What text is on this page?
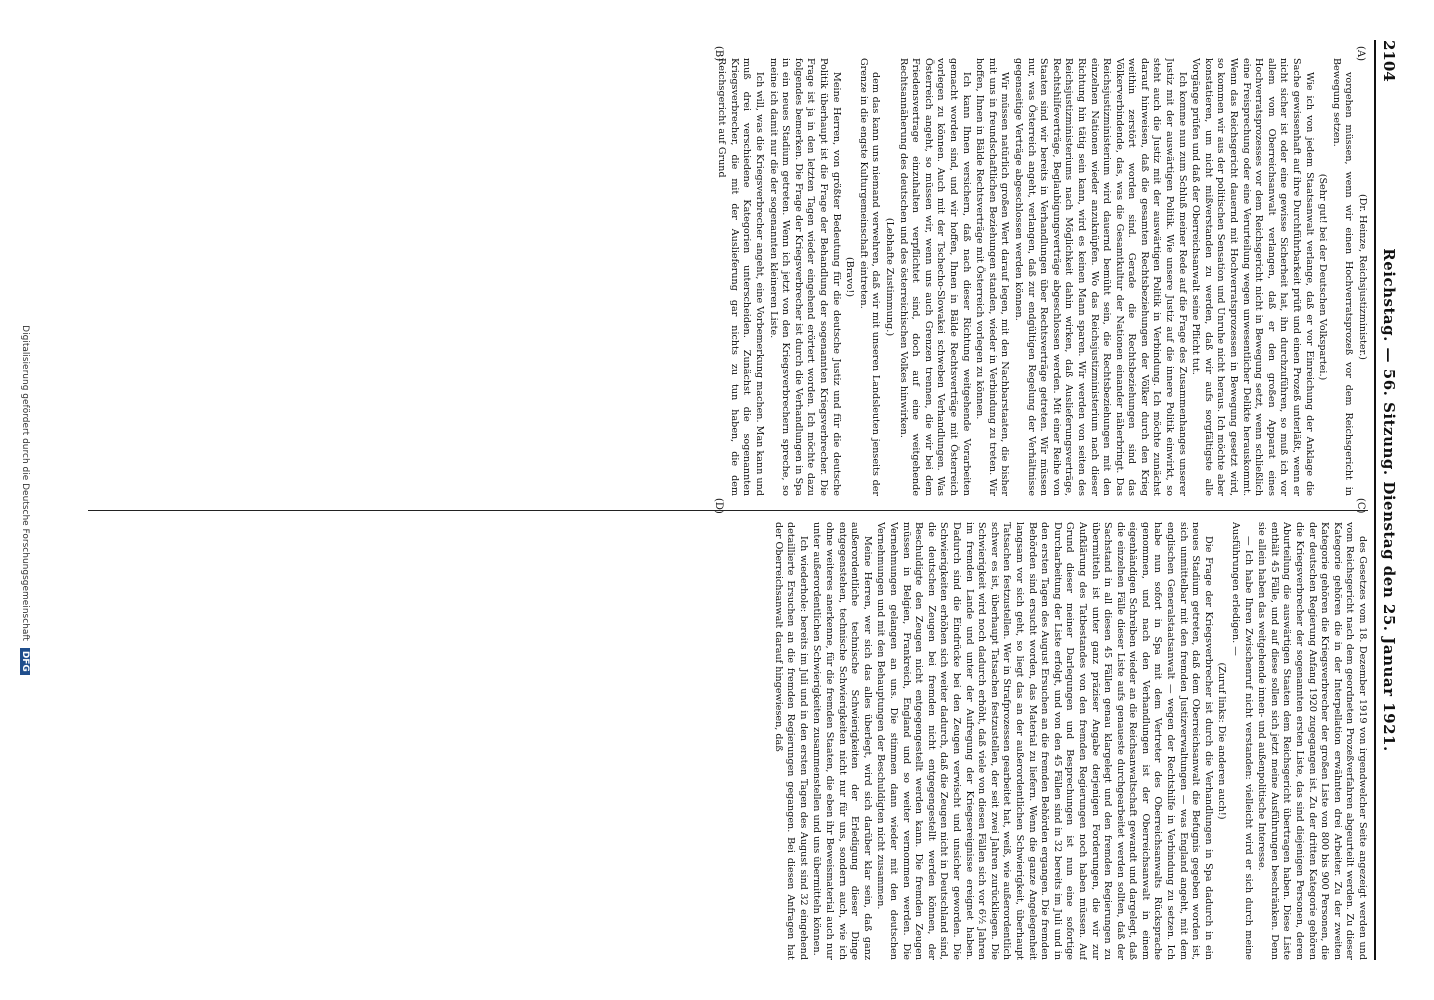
2104
Reichstag. — 56. Sitzung. Dienstag den 25. Januar 1921.
(A)
(B)
(C)
(D)

(Dr. Heinze, Reichsjustizminister.)

vorgehen müssen, wenn wir einen Hochverratsprozeß vor dem Reichsgericht in Bewegung setzen.

(Sehr gut! bei der Deutschen Volkspartei.)

Wie ich von jedem Staatsanwalt verlange, daß er vor Einreichung der Anklage die Sache gewissenhaft auf ihre Durchführbarkeit prüft und einen Prozeß unterläßt, wenn er nicht sicher ist oder eine gewisse Sicherheit hat, ihn durchzuführen, so muß ich vor allem vom Oberreichsanwalt verlangen, daß er den großen Apparat eines Hochverratsprozesses vor dem Reichsgericht nicht in Bewegung setzt, wenn schließlich eine Freisprechung oder eine Verurteilung wegen unwesentlicher Delikte herauskommt. Wenn das Reichsgericht dauernd mit Hochverratsprozessen in Bewegung gesetzt wird, so kommen wir aus der politischen Sensation und Unruhe nicht heraus. Ich möchte aber konstatieren, um nicht mißverstanden zu werden, daß wir aufs sorgfältigste alle Vorgänge prüfen und daß der Oberreichsanwalt seine Pflicht tut.

Ich komme nun zum Schluß meiner Rede auf die Frage des Zusammenhanges unserer Justiz mit der auswärtigen Politik. Wie unsere Justiz auf die innere Politik einwirkt, so steht auch die Justiz mit der auswärtigen Politik in Verbindung. Ich möchte zunächst darauf hinweisen, daß die gesamten Rechtsbeziehungen der Völker durch den Krieg weithin zerstört worden sind. Gerade die Rechtsbeziehungen sind das Völkerverbindende, das, was die Gesamtkultur der Nationen einander näherbringt. Das Reichsjustizministerium wird dauernd bemüht sein, die Rechtsbeziehungen mit den einzelnen Nationen wieder anzuknüpfen. Wo das Reichsjustizministerium nach dieser Richtung hin tätig sein kann, wird es keinen Mann sparen. Wir werden von seiten des Reichsjustizministeriums nach Möglichkeit dahin wirken, daß Auslieferungsverträge, Rechtshilfeverträge, Beglaubigungsverträge abgeschlossen werden. Mit einer Reihe von Staaten sind wir bereits in Verhandlungen über Rechtsverträge getreten. Wir müssen nur, was Österreich angeht, verlangen, daß zur endgültigen Regelung der Verhältnisse gegenseitige Verträge abgeschlossen werden können.

Wir müssen natürlich großen Wert darauf legen, mit den Nachbarstaaten, die bisher mit uns in freundschaftlichen Beziehungen standen, wieder in Verbindung zu treten. Wir hoffen, Ihnen in Bälde Rechtsverträge mit Österreich vorlegen zu können.

Ich kann Ihnen versichern, daß nach dieser Richtung weitgehende Vorarbeiten gemacht worden sind, und wir hoffen, Ihnen in Bälde Rechtsverträge mit Österreich vorlegen zu können. Auch mit der Tschecho-Slowakei schweben Verhandlungen. Was Österreich angeht, so müssen wir, wenn uns auch Grenzen trennen, die wir bei dem Friedensvertrage einzuhalten verpflichtet sind, doch auf eine weitgehende Rechtsannäherung des deutschen und des österreichischen Volkes hinwirken.

(Lebhafte Zustimmung.)

dem das kann uns niemand verwehren, daß wir mit unseren Landsleuten jenseits der Grenze in die engste Kulturgemeinschaft eintreten.

(Bravo!)

Meine Herren, von größter Bedeutung für die deutsche Justiz und für die deutsche Politik überhaupt ist die Frage der Behandlung der sogenannten Kriegsverbrecher. Die Frage ist ja in den letzten Tagen wieder eingehend erörtert worden. Ich möchte dazu folgendes bemerken. Die Frage der Kriegsverbrecher ist durch die Verhandlungen in Spa in ein neues Stadium getreten. Wenn ich jetzt von den Kriegsverbrechern spreche, so meine ich damit nur die der sogenannten kleineren Liste.

Ich will, was die Kriegsverbrecher angeht, eine Vorbemerkung machen. Man kann und muß drei verschiedene Kategorien unterscheiden. Zunächst die sogenannten Kriegsverbrecher, die mit der Auslieferung gar nichts zu tun haben, die dem Reichsgericht auf Grund

des Gesetzes vom 18. Dezember 1919 von irgendwelcher Seite angezeigt werden und vom Reichsgericht nach dem geordneten Prozeßverfahren abgeurteilt werden. Zu dieser Kategorie gehören die in der Interpellation erwähnten drei Arbeiter. Zu der zweiten Kategorie gehören die Kriegsverbrecher der großen Liste von 800 bis 900 Personen, die der deutschen Regierung Anfang 1920 zugegangen ist. Zu der dritten Kategorie gehören die Kriegsverbrecher der sogenannten ersten Liste, das sind diejenigen Personen, deren Aburteilung die auswärtigen Staaten dem Reichsgericht übertragen haben. Diese Liste enthält 45 Fälle, und auf diese sollen sich jetzt meine Ausführungen beschränken. Denn sie allein haben das weitgehende innen- und außenpolitische Interesse.

— Ich habe Ihren Zwischenruf nicht verstanden: vielleicht wird er sich durch meine Ausführungen erledigen. —

(Zuruf links: Die anderen auch!)

Die Frage der Kriegsverbrecher ist durch die Verhandlungen in Spa dadurch in ein neues Stadium getreten, daß dem Oberreichsanwalt die Befugnis gegeben worden ist, sich unmittelbar mit den fremden Justizverwaltungen — was England angeht, mit dem englischen Generalstaatsanwalt — wegen der Rechtshilfe in Verbindung zu setzen. Ich habe nun sofort in Spa mit dem Vertreter des Oberreichsanwalts Rücksprache genommen, und nach den Verhandlungen ist der Oberreichsanwalt in einem eigenhändigen Schreiben wieder an die Reichsanwaltschaft gewandt und dargelegt, daß die einzelnen Fälle dieser Liste aufs genaueste durchgearbeitet werden sollten, daß der Sachstand in all diesen 45 Fällen genau klargelegt und den fremden Regierungen zu übermitteln ist unter ganz präziser Angabe derjenigen Forderungen, die wir zur Aufklärung des Tatbestandes von den fremden Regierungen noch haben müssen. Auf Grund dieser meiner Darlegungen und Besprechungen ist nun eine sofortige Durcharbeitung der Liste erfolgt, und von den 45 Fällen sind in 32 bereits im Juli und in den ersten Tagen des August Ersuchen an die fremden Behörden ergangen. Die fremden Behörden sind ersucht worden, das Material zu liefern. Wenn die ganze Angelegenheit langsam vor sich geht, so liegt das an der außerordentlichen Schwierigkeit, überhaupt Tatsachen festzustellen. Wer in Strafprozessen gearbeitet hat, weiß, wie außerordentlich schwer es ist, überhaupt Tatsachen festzustellen, der seit zwei Jahren zurückliegen. Die Schwierigkeit wird noch dadurch erhöht, daß viele von diesen Fällen sich vor 6½ Jahren im fremden Lande und unter der Aufregung der Kriegsereignisse ereignet haben. Dadurch sind die Eindrücke bei den Zeugen verwischt und unsicher geworden. Die Schwierigkeiten erhöhen sich weiter dadurch, daß die Zeugen nicht in Deutschland sind, die deutschen Zeugen bei fremden nicht entgegengestellt werden können, der Beschuldigte den Zeugen nicht entgegengestellt werden kann. Die fremden Zeugen müssen in Belgien, Frankreich, England und so weiter vernommen werden. Die Vernehmungen gelangen an uns. Die stimmen dann wieder mit den deutschen Vernehmungen und mit den Behauptungen der Beschuldigten nicht zusammen.

Meine Herren, wer sich das alles überlegt, wird sich darüber klar sein, daß ganz außerordentliche technische Schwierigkeiten der Erledigung dieser Dinge entgegenstehen, technische Schwierigkeiten nicht nur für uns, sondern auch, wie ich ohne weiteres anerkenne, für die fremden Staaten, die eben ihr Beweismaterial auch nur unter außerordentlichen Schwierigkeiten zusammenstellen und uns übermitteln können.

Ich wiederhole: bereits im Juli und in den ersten Tagen des August sind 32 eingehend detaillierte Ersuchen an die fremden Regierungen gegangen. Bei diesen Anfragen hat der Oberreichsanwalt darauf hingewiesen, daß

Digitalisierung gefördert durch die Deutsche Forschungsgemeinschaft DFG
